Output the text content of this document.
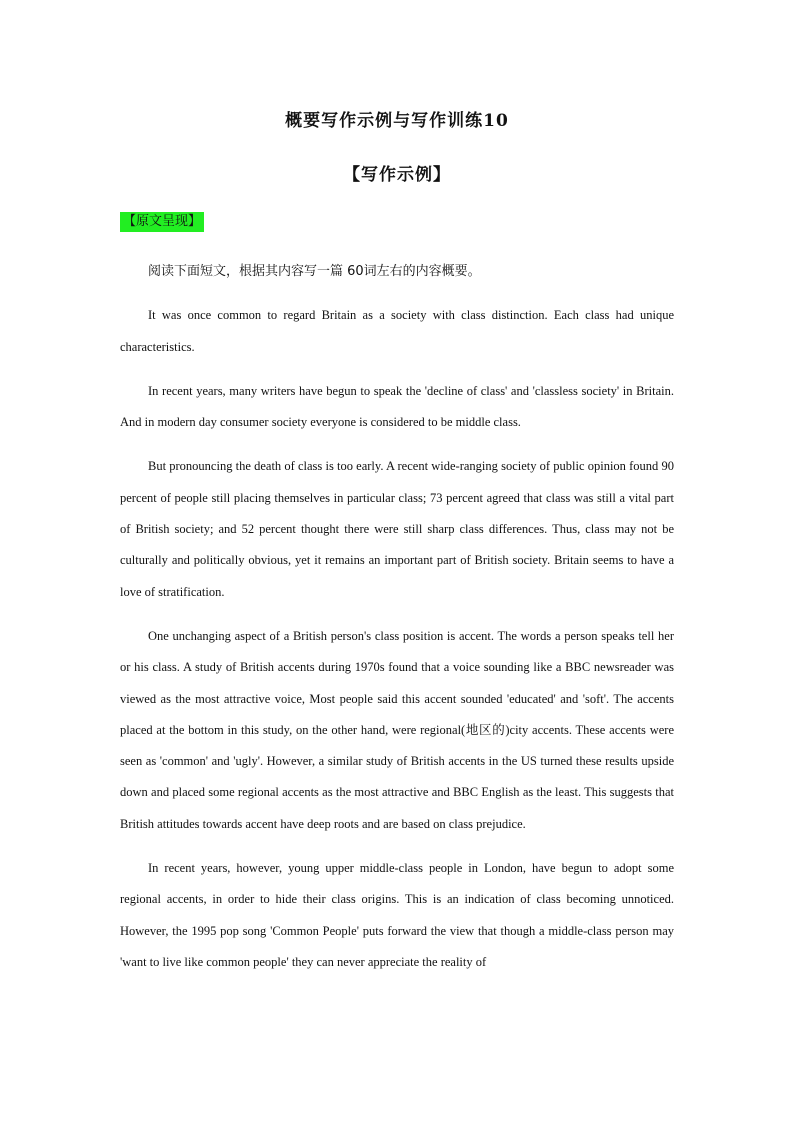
概要写作示例与写作训练10
【写作示例】
【原文呈现】

阅读下面短文，根据其内容写一篇 60词左右的内容概要。

It was once common to regard Britain as a society with class distinction. Each class had unique characteristics.

In recent years, many writers have begun to speak the 'decline of class' and 'classless society' in Britain. And in modern day consumer society everyone is considered to be middle class.

But pronouncing the death of class is too early. A recent wide-ranging society of public opinion found 90 percent of people still placing themselves in particular class; 73 percent agreed that class was still a vital part of British society; and 52 percent thought there were still sharp class differences. Thus, class may not be culturally and politically obvious, yet it remains an important part of British society. Britain seems to have a love of stratification.

One unchanging aspect of a British person's class position is accent. The words a person speaks tell her or his class. A study of British accents during 1970s found that a voice sounding like a BBC newsreader was viewed as the most attractive voice, Most people said this accent sounded 'educated' and 'soft'. The accents placed at the bottom in this study, on the other hand, were regional(地区的)city accents. These accents were seen as 'common' and 'ugly'. However, a similar study of British accents in the US turned these results upside down and placed some regional accents as the most attractive and BBC English as the least. This suggests that British attitudes towards accent have deep roots and are based on class prejudice.

In recent years, however, young upper middle-class people in London, have begun to adopt some regional accents, in order to hide their class origins. This is an indication of class becoming unnoticed. However, the 1995 pop song 'Common People' puts forward the view that though a middle-class person may 'want to live like common people' they can never appreciate the reality of
